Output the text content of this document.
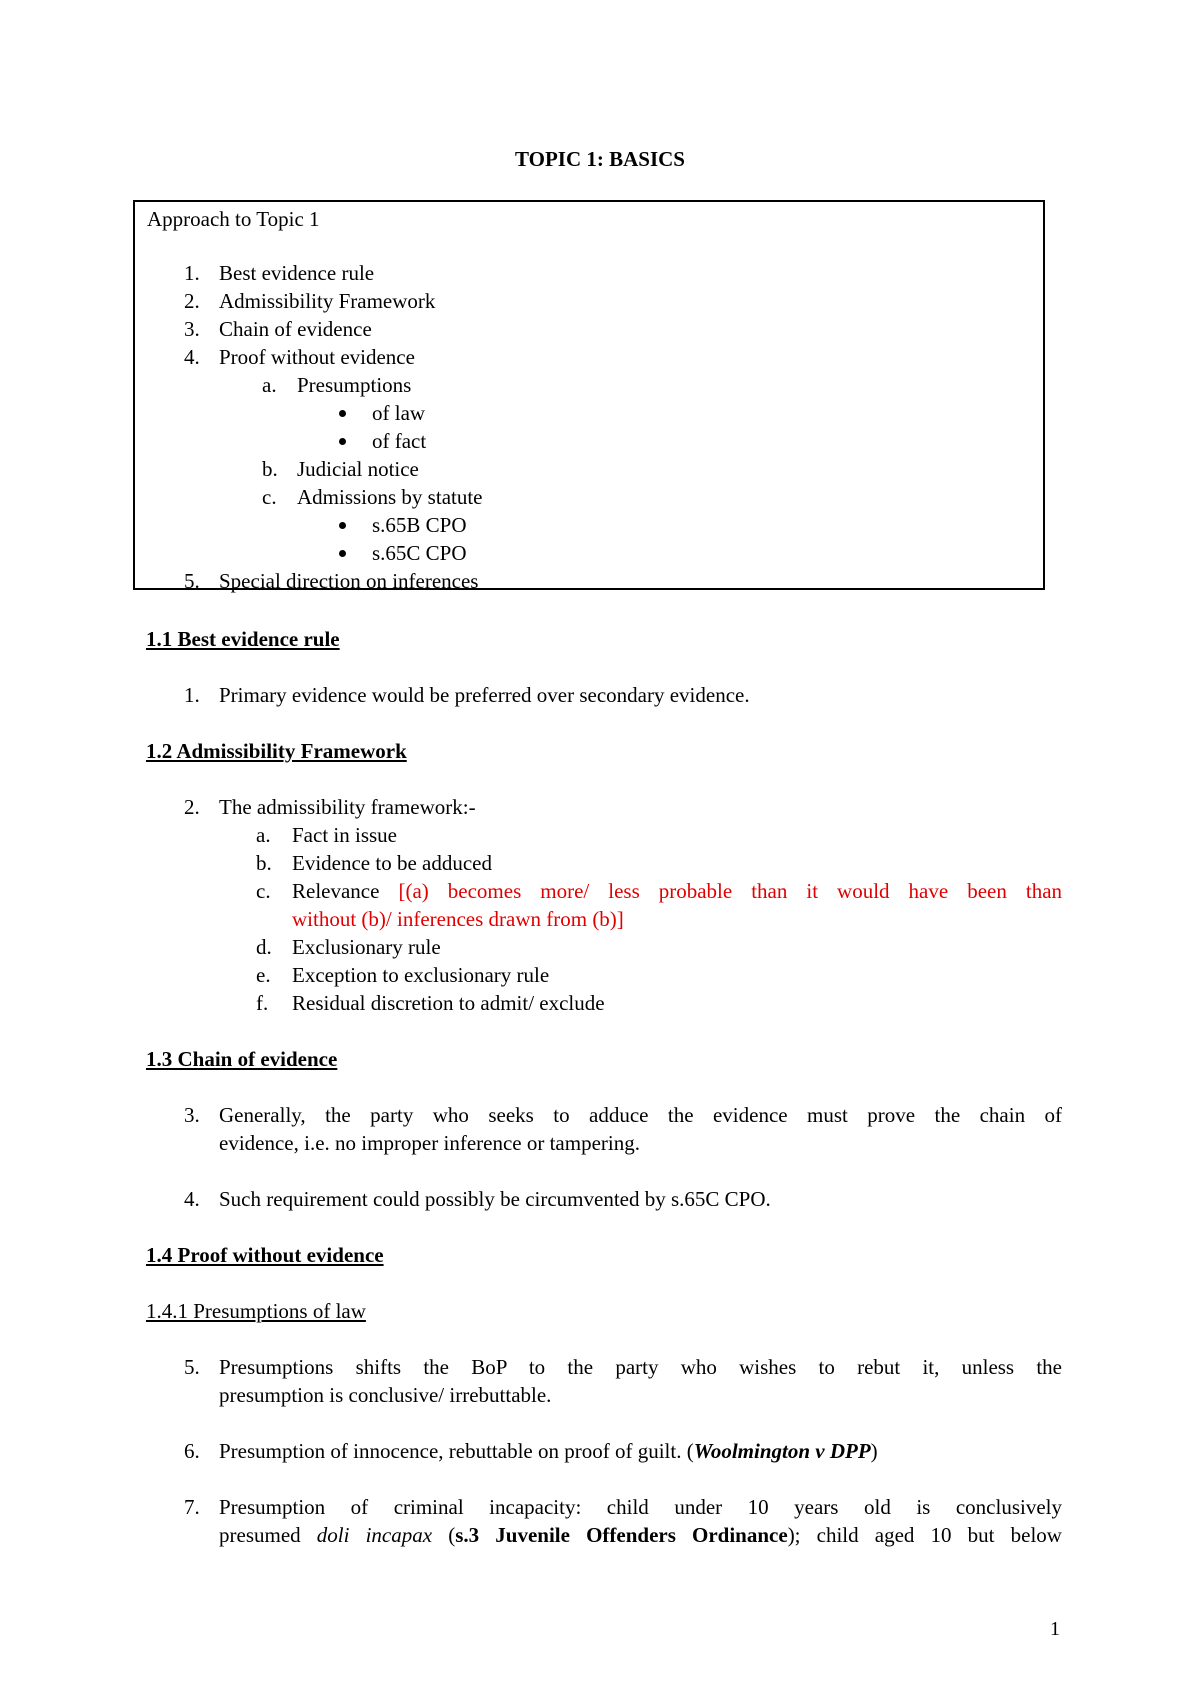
TOPIC 1: BASICS
Approach to Topic 1
1. Best evidence rule
2. Admissibility Framework
3. Chain of evidence
4. Proof without evidence
a. Presumptions
of law
of fact
b. Judicial notice
c. Admissions by statute
s.65B CPO
s.65C CPO
5. Special direction on inferences
1.1 Best evidence rule
1. Primary evidence would be preferred over secondary evidence.
1.2 Admissibility Framework
2. The admissibility framework:-
a. Fact in issue
b. Evidence to be adduced
c. Relevance [(a) becomes more/ less probable than it would have been than
without (b)/ inferences drawn from (b)]
d. Exclusionary rule
e. Exception to exclusionary rule
f. Residual discretion to admit/ exclude
1.3 Chain of evidence
3. Generally, the party who seeks to adduce the evidence must prove the chain of
evidence, i.e. no improper inference or tampering.
4. Such requirement could possibly be circumvented by s.65C CPO.
1.4 Proof without evidence
1.4.1 Presumptions of law
5. Presumptions shifts the BoP to the party who wishes to rebut it, unless the
presumption is conclusive/ irrebuttable.
6. Presumption of innocence, rebuttable on proof of guilt. (Woolmington v DPP)
7. Presumption of criminal incapacity: child under 10 years old is conclusively
presumed doli incapax (s.3 Juvenile Offenders Ordinance); child aged 10 but below
1
